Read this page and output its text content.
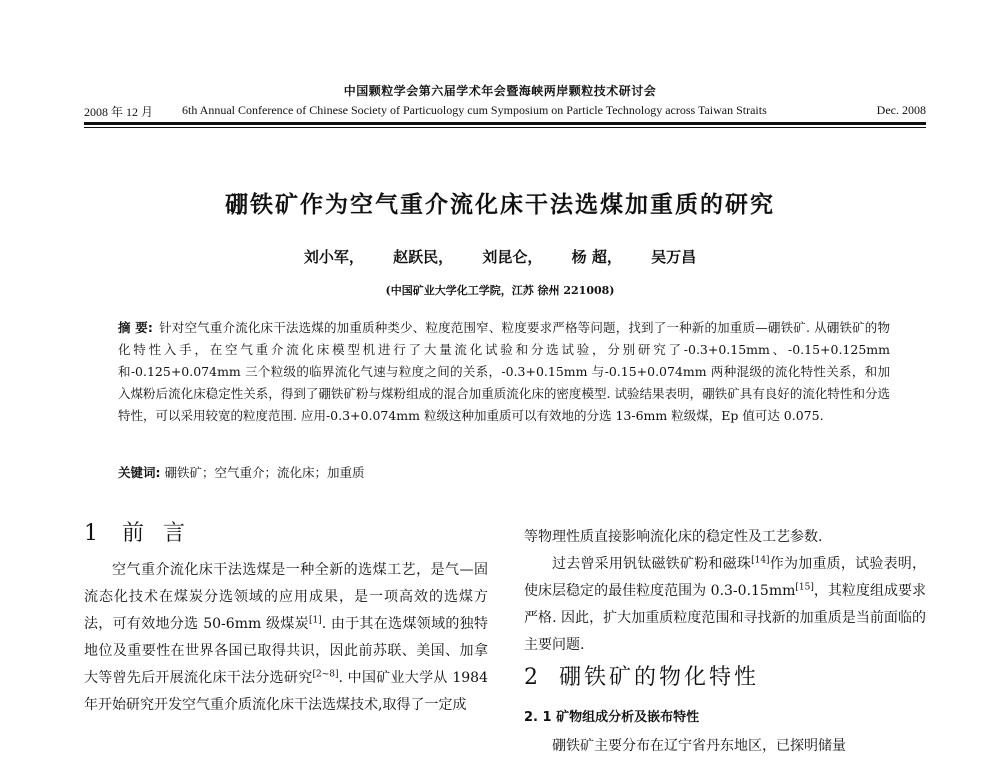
中国颗粒学会第六届学术年会暨海峡两岸颗粒技术研讨会
2008 年 12 月 6th Annual Conference of Chinese Society of Particuology cum Symposium on Particle Technology across Taiwan Straits	Dec. 2008
硼铁矿作为空气重介流化床干法选煤加重质的研究
刘小军， 赵跃民， 刘昆仑， 杨 超， 吴万昌
(中国矿业大学化工学院，江苏 徐州 221008)
摘 要: 针对空气重介流化床干法选煤的加重质种类少、粒度范围窄、粒度要求严格等问题，找到了一种新的加重质—硼铁矿. 从硼铁矿的物化特性入手，在空气重介流化床模型机进行了大量流化试验和分选试验，分别研究了-0.3+0.15mm、-0.15+0.125mm 和-0.125+0.074mm 三个粒级的临界流化气速与粒度之间的关系，-0.3+0.15mm 与-0.15+0.074mm 两种混级的流化特性关系，和加入煤粉后流化床稳定性关系，得到了硼铁矿粉与煤粉组成的混合加重质流化床的密度模型. 试验结果表明，硼铁矿具有良好的流化特性和分选特性，可以采用较宽的粒度范围. 应用-0.3+0.074mm 粒级这种加重质可以有效地的分选 13-6mm 粒级煤，Ep 值可达 0.075.
关键词: 硼铁矿；空气重介；流化床；加重质
1 前 言

空气重介流化床干法选煤是一种全新的选煤工艺，是气—固流态化技术在煤炭分选领域的应用成果，是一项高效的选煤方法，可有效地分选 50-6mm 级煤炭[1]. 由于其在选煤领域的独特地位及重要性在世界各国已取得共识，因此前苏联、美国、加拿大等曾先后开展流化床干法分选研究[2~8]. 中国矿业大学从 1984 年开始研究开发空气重介质流化床干法选煤技术,取得了一定成

等物理性质直接影响流化床的稳定性及工艺参数.

过去曾采用钒钛磁铁矿粉和磁珠[14]作为加重质，试验表明，使床层稳定的最佳粒度范围为 0.3-0.15mm[15]，其粒度组成要求严格. 因此，扩大加重质粒度范围和寻找新的加重质是当前面临的主要问题.

2 硼铁矿的物化特性
2. 1 矿物组成分析及嵌布特性
硼铁矿主要分布在辽宁省丹东地区，已探明储量
